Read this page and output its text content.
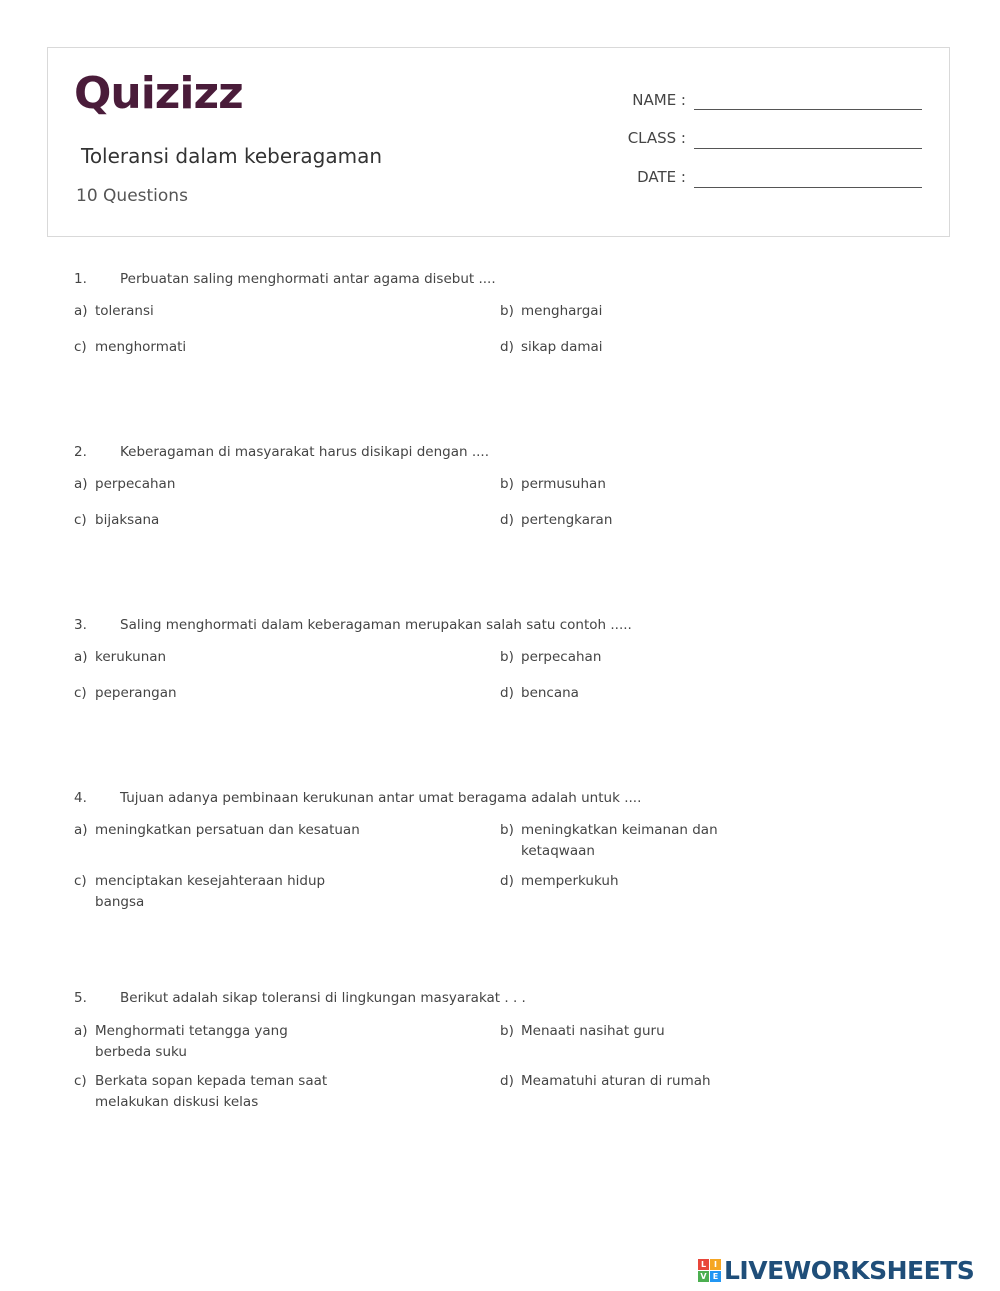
Quizizz
Toleransi dalam keberagaman
10 Questions
NAME :
CLASS :
DATE :
1. Perbuatan saling menghormati antar agama disebut ....
a) toleransi	b) menghargai
c) menghormati	d) sikap damai
2. Keberagaman di masyarakat harus disikapi dengan ....
a) perpecahan	b) permusuhan
c) bijaksana	d) pertengkaran
3. Saling menghormati dalam keberagaman merupakan salah satu contoh .....
a) kerukunan	b) perpecahan
c) peperangan	d) bencana
4. Tujuan adanya pembinaan kerukunan antar umat beragama adalah untuk ....
a) meningkatkan persatuan dan kesatuan	b) meningkatkan keimanan dan ketaqwaan
c) menciptakan kesejahteraan hidup bangsa
d) memperkukuh
5. Berikut adalah sikap toleransi di lingkungan masyarakat . . .
a) Menghormati tetangga yang berbeda suku
b) Menaati nasihat guru
c) Berkata sopan kepada teman saat melakukan diskusi kelas
d) Meamatuhi aturan di rumah
L I
V E LIVEWORKSHEETS
